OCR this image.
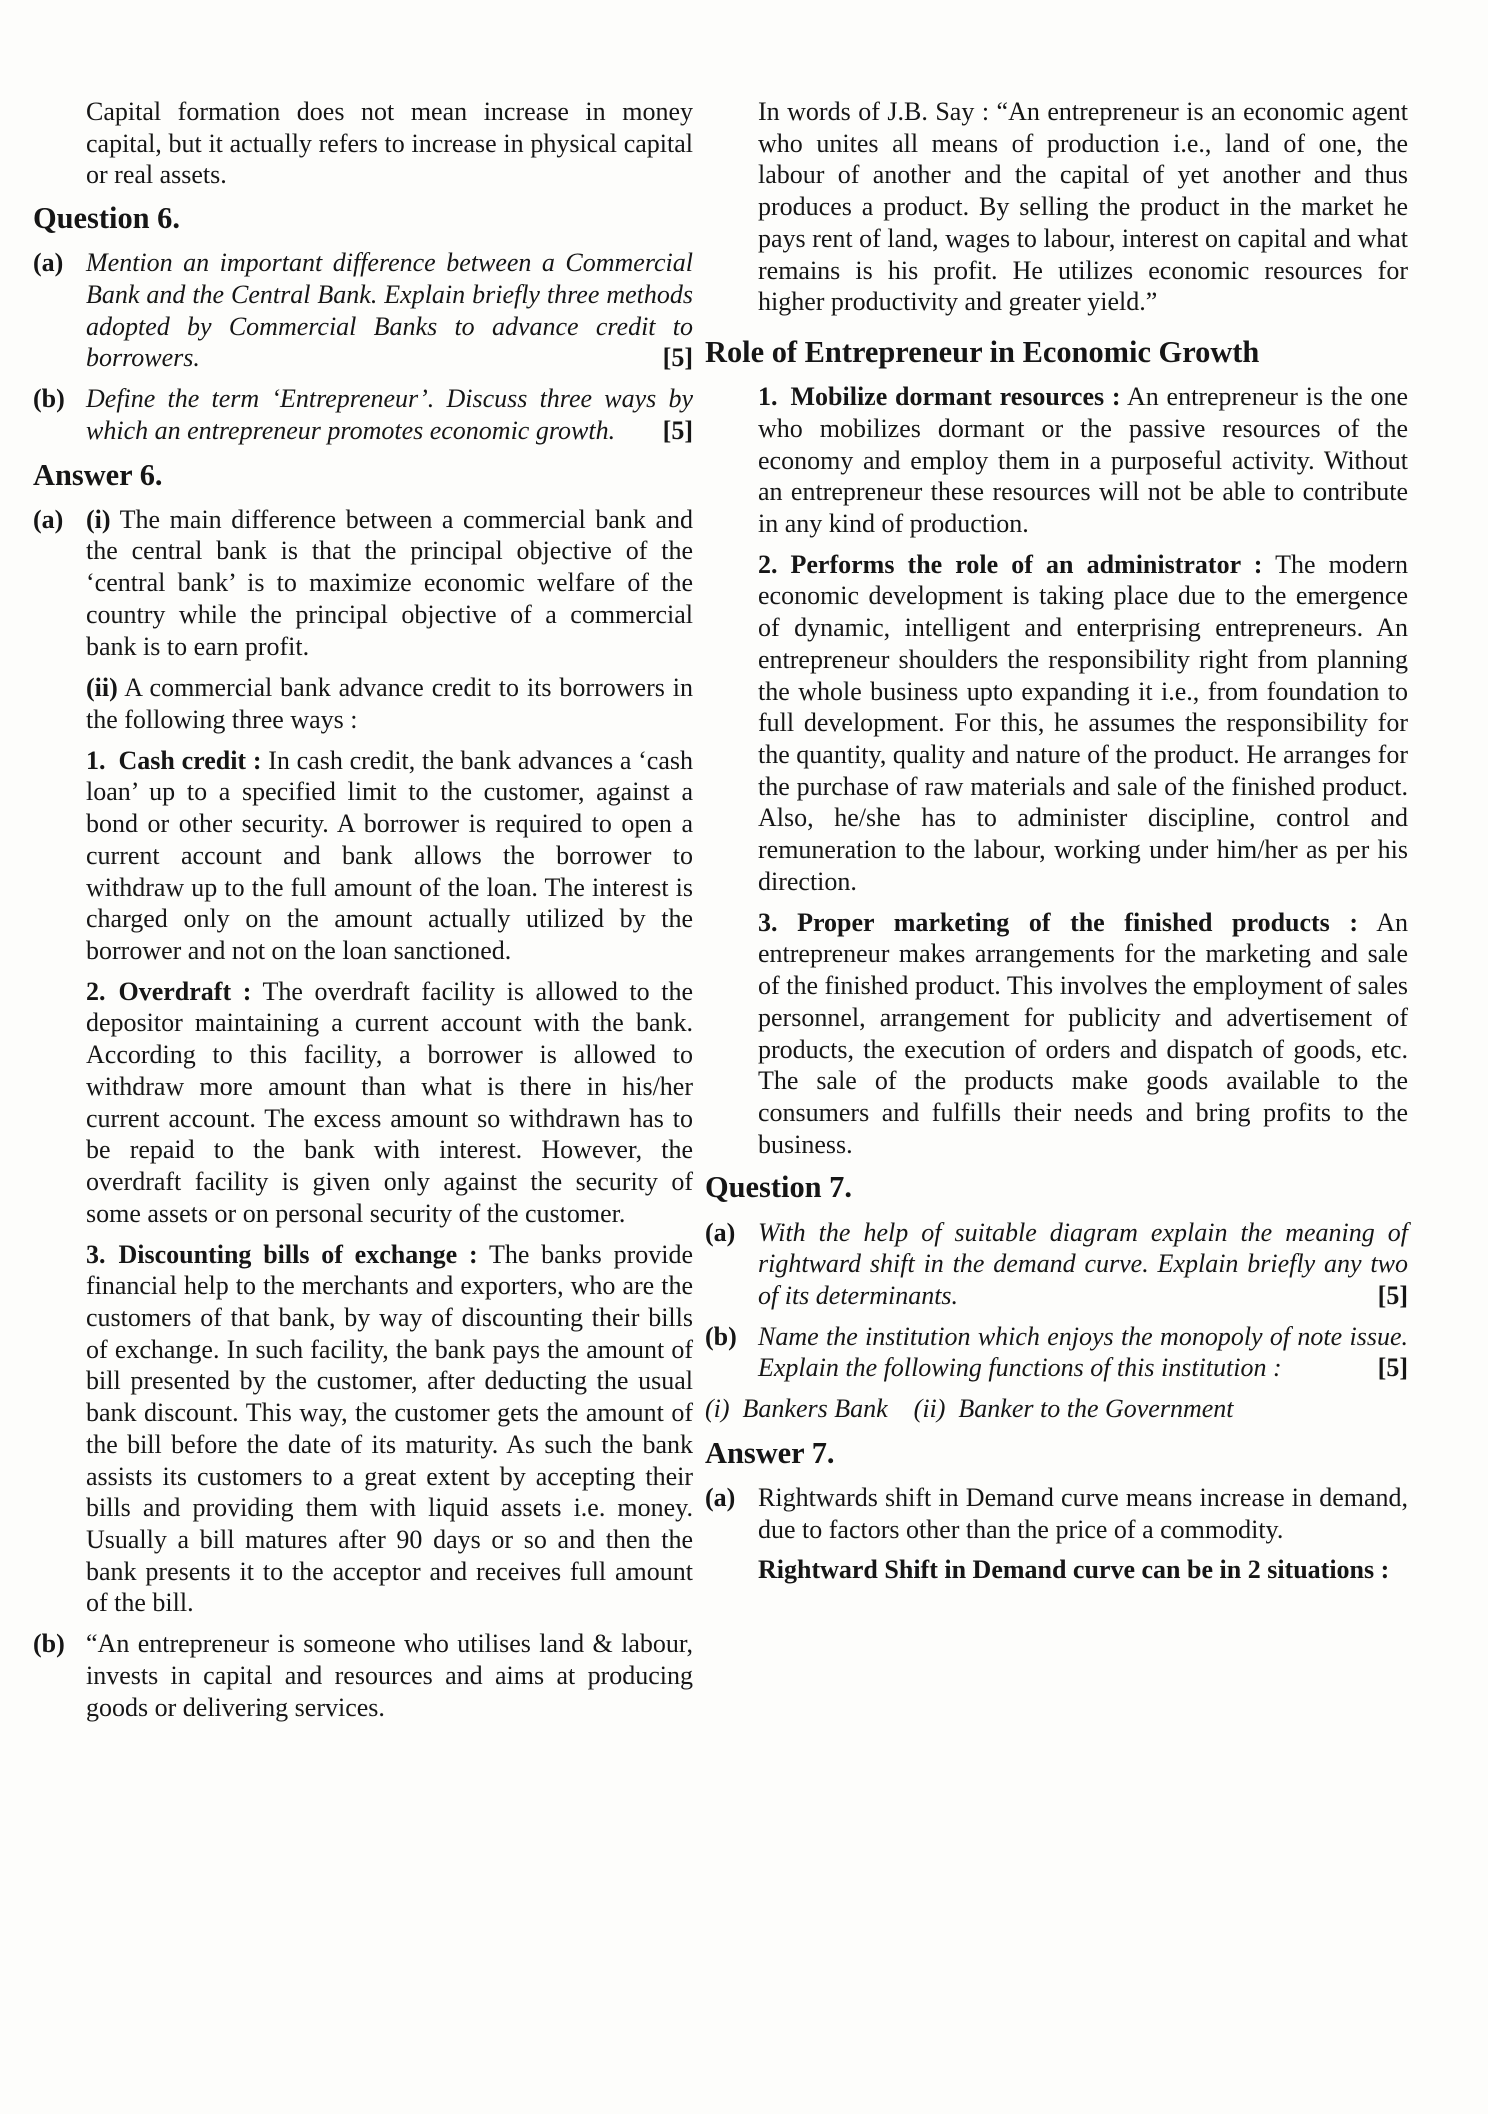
Capital formation does not mean increase in money capital, but it actually refers to increase in physical capital or real assets.

Question 6.
(a) Mention an important difference between a Commercial Bank and the Central Bank. Explain briefly three methods adopted by Commercial Banks to advance credit to borrowers.	[5]
(b) Define the term ‘Entrepreneur’. Discuss three ways by which an entrepreneur promotes economic growth. [5]
Answer 6.
(a) (i) The main difference between a commercial bank and the central bank is that the principal objective of the ‘central bank’ is to maximize economic welfare of the country while the principal objective of a commercial bank is to earn profit.

(ii) A commercial bank advance credit to its borrowers in the following three ways :

1. Cash credit : In cash credit, the bank advances a ‘cash loan’ up to a specified limit to the customer, against a bond or other security. A borrower is required to open a current account and bank allows the borrower to withdraw up to the full amount of the loan. The interest is charged only on the amount actually utilized by the borrower and not on the loan sanctioned.

2. Overdraft : The overdraft facility is allowed to the depositor maintaining a current account with the bank. According to this facility, a borrower is allowed to withdraw more amount than what is there in his/her current account. The excess amount so withdrawn has to be repaid to the bank with interest. However, the overdraft facility is given only against the security of some assets or on personal security of the customer.

3. Discounting bills of exchange : The banks provide financial help to the merchants and exporters, who are the customers of that bank, by way of discounting their bills of exchange. In such facility, the bank pays the amount of bill presented by the customer, after deducting the usual bank discount. This way, the customer gets the amount of the bill before the date of its maturity. As such the bank assists its customers to a great extent by accepting their bills and providing them with liquid assets i.e. money. Usually a bill matures after 90 days or so and then the bank presents it to the acceptor and receives full amount of the bill.

(b) “An entrepreneur is someone who utilises land & labour, invests in capital and resources and aims at producing goods or delivering services.

In words of J.B. Say : “An entrepreneur is an economic agent who unites all means of production i.e., land of one, the labour of another and the capital of yet another and thus produces a product. By selling the product in the market he pays rent of land, wages to labour, interest on capital and what remains is his profit. He utilizes economic resources for higher productivity and greater yield.”

Role of Entrepreneur in Economic Growth

1. Mobilize dormant resources : An entrepreneur is the one who mobilizes dormant or the passive resources of the economy and employ them in a purposeful activity. Without an entrepreneur these resources will not be able to contribute in any kind of production.

2. Performs the role of an administrator : The modern economic development is taking place due to the emergence of dynamic, intelligent and enterprising entrepreneurs. An entrepreneur shoulders the responsibility right from planning the whole business upto expanding it i.e., from foundation to full development. For this, he assumes the responsibility for the quantity, quality and nature of the product. He arranges for the purchase of raw materials and sale of the finished product. Also, he/she has to administer discipline, control and remuneration to the labour, working under him/her as per his direction.

3. Proper marketing of the finished products : An entrepreneur makes arrangements for the marketing and sale of the finished product. This involves the employment of sales personnel, arrangement for publicity and advertisement of products, the execution of orders and dispatch of goods, etc. The sale of the products make goods available to the consumers and fulfills their needs and bring profits to the business.

Question 7.
(a) With the help of suitable diagram explain the meaning of rightward shift in the demand curve. Explain briefly any two of its determinants.	[5]
(b) Name the institution which enjoys the monopoly of note issue. Explain the following functions of this institution :	[5]

(i) Bankers Bank (ii) Banker to the Government

Answer 7.
(a) Rightwards shift in Demand curve means increase in demand, due to factors other than the price of a commodity.

Rightward Shift in Demand curve can be in 2 situations :
